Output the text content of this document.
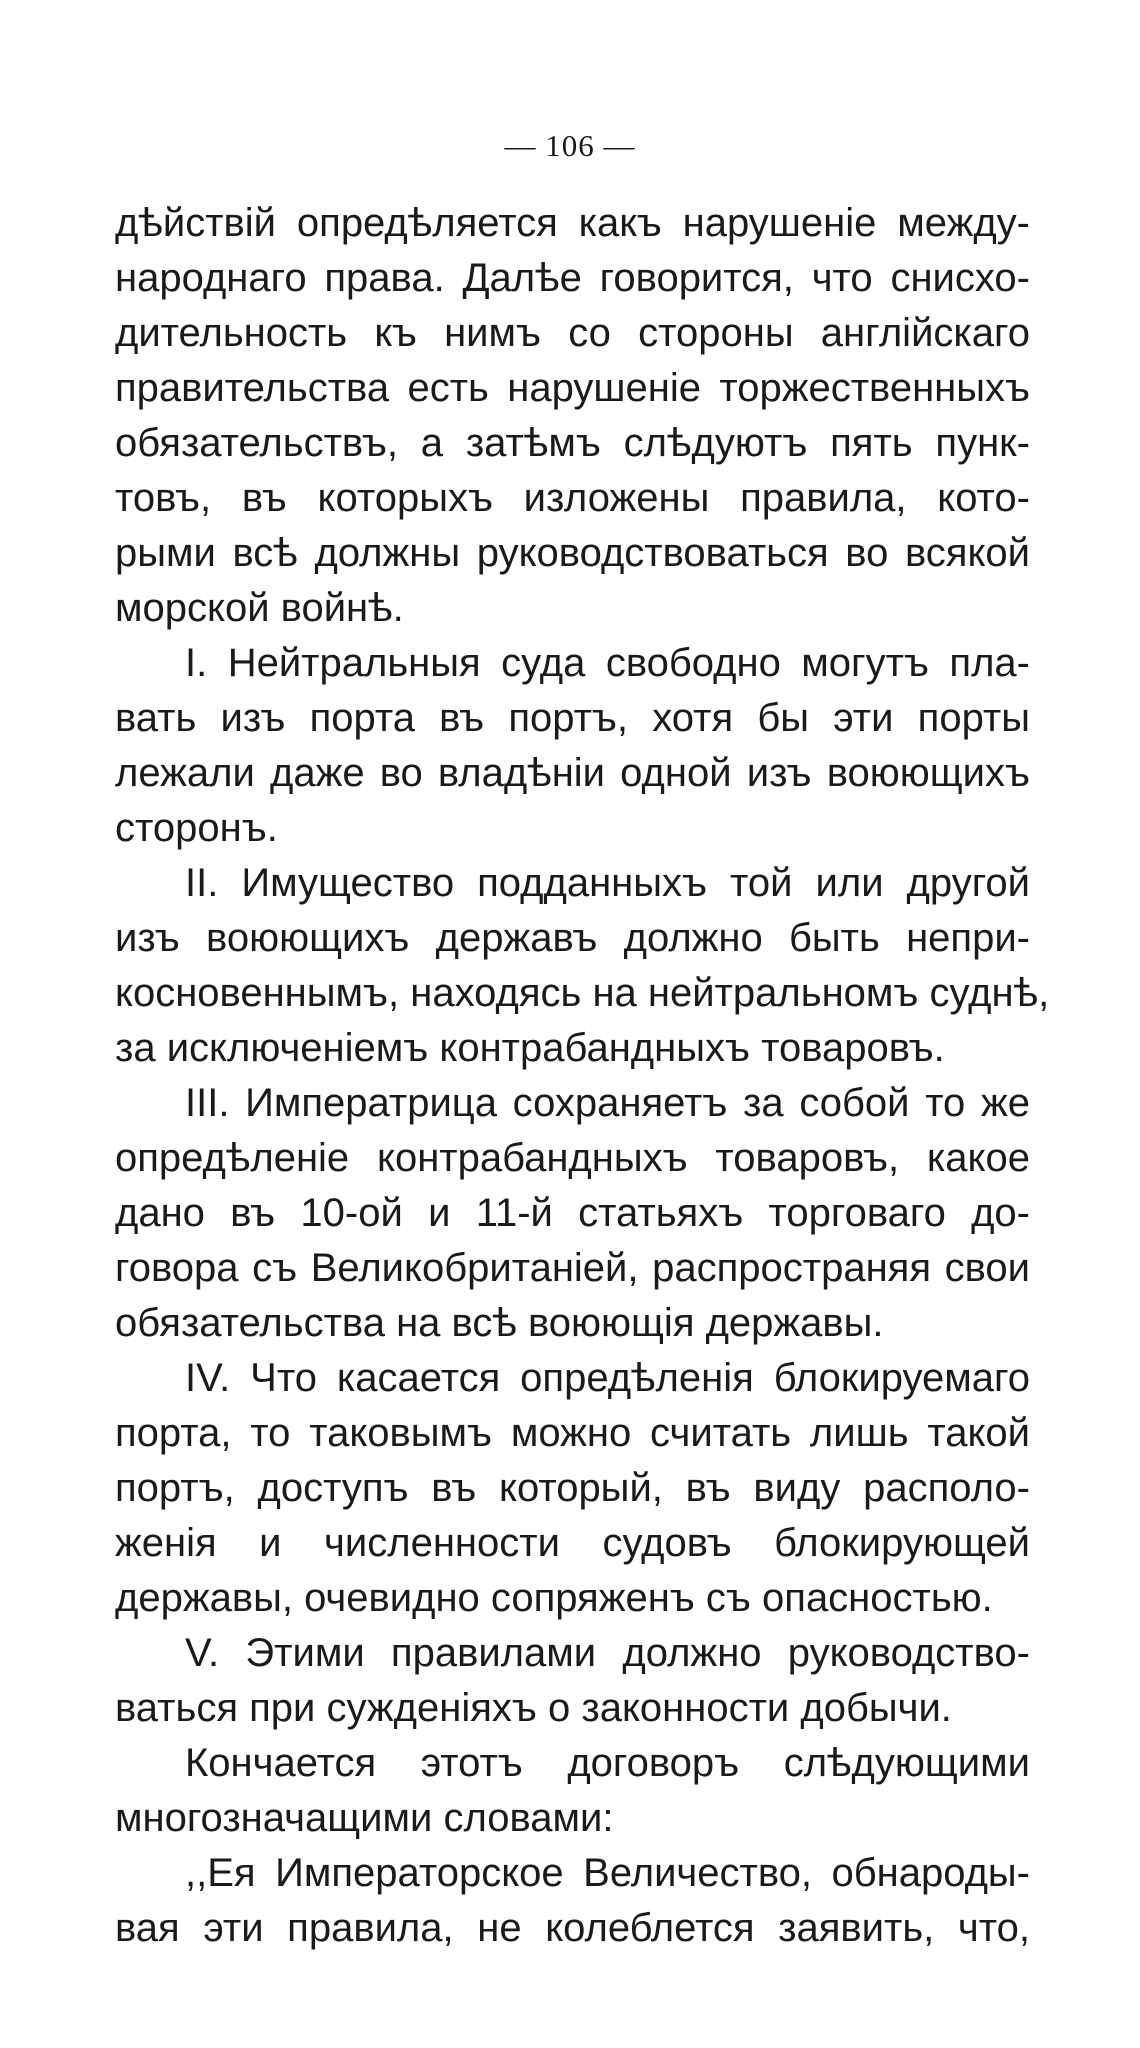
— 106 —
дѣйствій опредѣляется какъ нарушеніе между-
народнаго права. Далѣе говорится, что снисхо-
дительность къ нимъ со стороны англійскаго
правительства есть нарушеніе торжественныхъ
обязательствъ, а затѣмъ слѣдуютъ пять пунк-
товъ, въ которыхъ изложены правила, кото-
рыми всѣ должны руководствоваться во всякой
морской войнѣ.
I. Нейтральныя суда свободно могутъ пла-
вать изъ порта въ портъ, хотя бы эти порты
лежали даже во владѣніи одной изъ воюющихъ
сторонъ.
II. Имущество подданныхъ той или другой
изъ воюющихъ державъ должно быть непри-
косновеннымъ, находясь на нейтральномъ суднѣ,
за исключеніемъ контрабандныхъ товаровъ.
III. Императрица сохраняетъ за собой то же
опредѣленіе контрабандныхъ товаровъ, какое
дано въ 10-ой и 11-й статьяхъ торговаго до-
говора съ Великобританіей, распространяя свои
обязательства на всѣ воюющія державы.
IV. Что касается опредѣленія блокируемаго
порта, то таковымъ можно считать лишь такой
портъ, доступъ въ который, въ виду располо-
женія и численности судовъ блокирующей
державы, очевидно сопряженъ съ опасностью.
V. Этими правилами должно руководство-
ваться при сужденіяхъ о законности добычи.
Кончается этотъ договоръ слѣдующими
многозначащими словами:
,,Ея Императорское Величество, обнароды-
вая эти правила, не колеблется заявить, что,
